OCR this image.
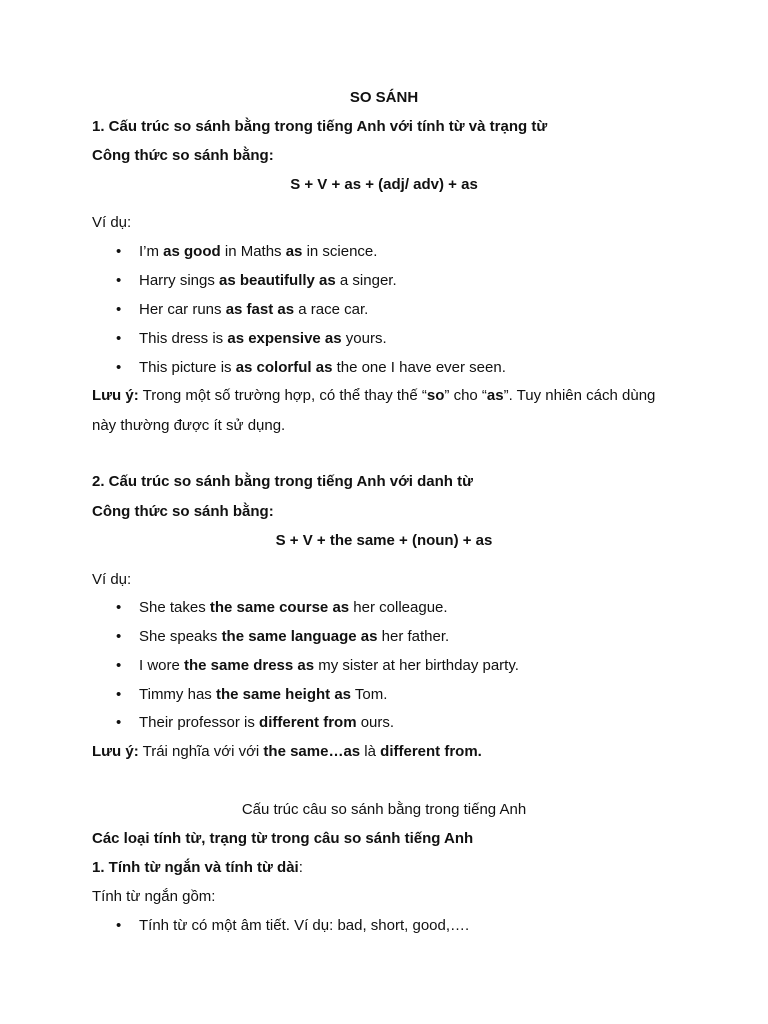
SO SÁNH
1. Cấu trúc so sánh bằng trong tiếng Anh với tính từ và trạng từ
Công thức so sánh bằng:
S + V + as + (adj/ adv) + as
Ví dụ:
• I’m as good in Maths as in science.
• Harry sings as beautifully as a singer.
• Her car runs as fast as a race car.
• This dress is as expensive as yours.
• This picture is as colorful as the one I have ever seen.
Lưu ý: Trong một số trường hợp, có thể thay thế “so” cho “as”. Tuy nhiên cách dùng
này thường được ít sử dụng.
2. Cấu trúc so sánh bằng trong tiếng Anh với danh từ
Công thức so sánh bằng:
S + V + the same + (noun) + as
Ví dụ:
• She takes the same course as her colleague.
• She speaks the same language as her father.
• I wore the same dress as my sister at her birthday party.
• Timmy has the same height as Tom.
• Their professor is different from ours.
Lưu ý: Trái nghĩa với với the same…as là different from.
Cấu trúc câu so sánh bằng trong tiếng Anh
Các loại tính từ, trạng từ trong câu so sánh tiếng Anh
1. Tính từ ngắn và tính từ dài:
Tính từ ngắn gồm:
• Tính từ có một âm tiết. Ví dụ: bad, short, good,….
